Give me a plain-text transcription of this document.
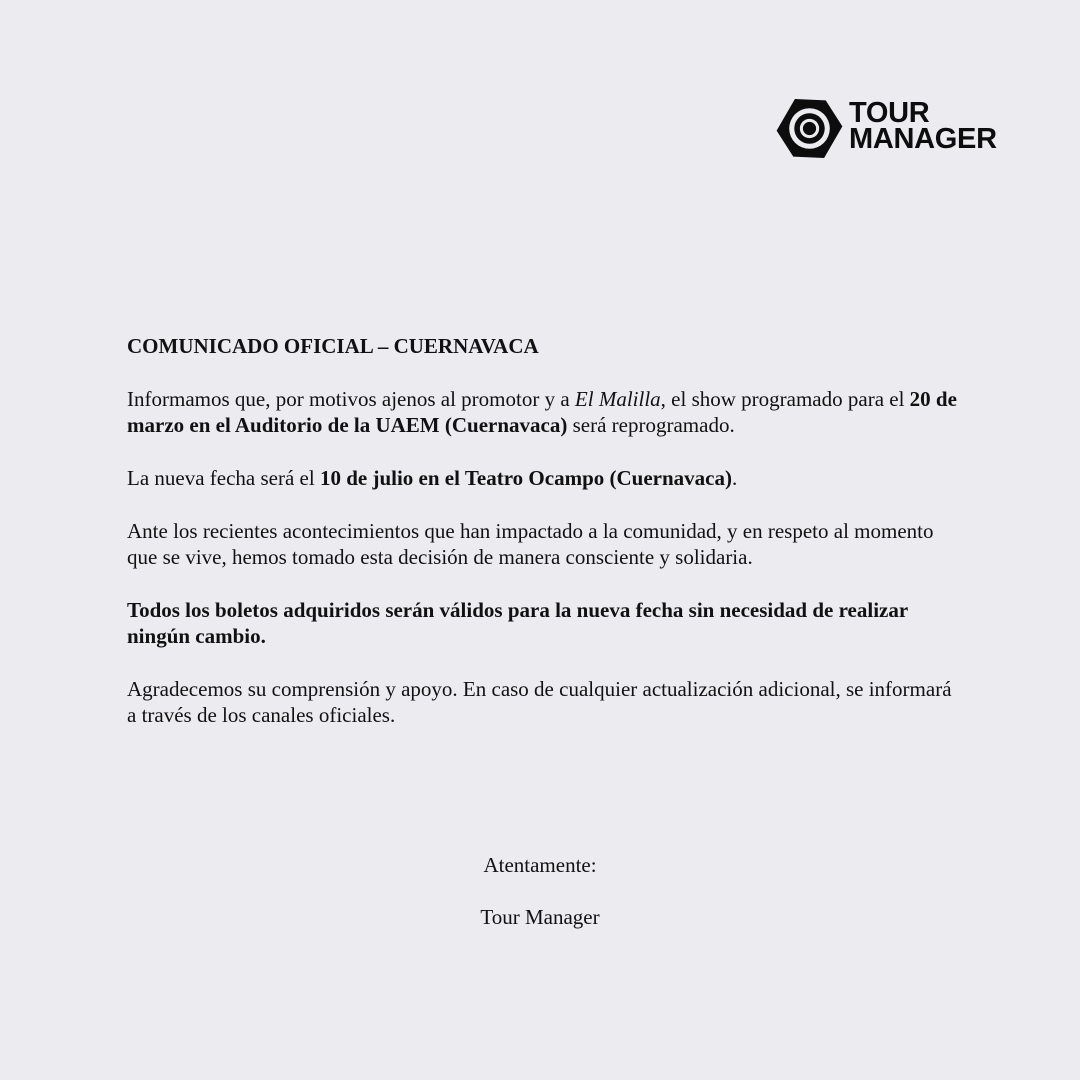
TOUR
MANAGER

COMUNICADO OFICIAL – CUERNAVACA

Informamos que, por motivos ajenos al promotor y a El Malilla, el show programado para el 20 de marzo en el Auditorio de la UAEM (Cuernavaca) será reprogramado.

La nueva fecha será el 10 de julio en el Teatro Ocampo (Cuernavaca).

Ante los recientes acontecimientos que han impactado a la comunidad, y en respeto al momento que se vive, hemos tomado esta decisión de manera consciente y solidaria.

Todos los boletos adquiridos serán válidos para la nueva fecha sin necesidad de realizar ningún cambio.

Agradecemos su comprensión y apoyo. En caso de cualquier actualización adicional, se informará a través de los canales oficiales.

Atentamente:
Tour Manager
